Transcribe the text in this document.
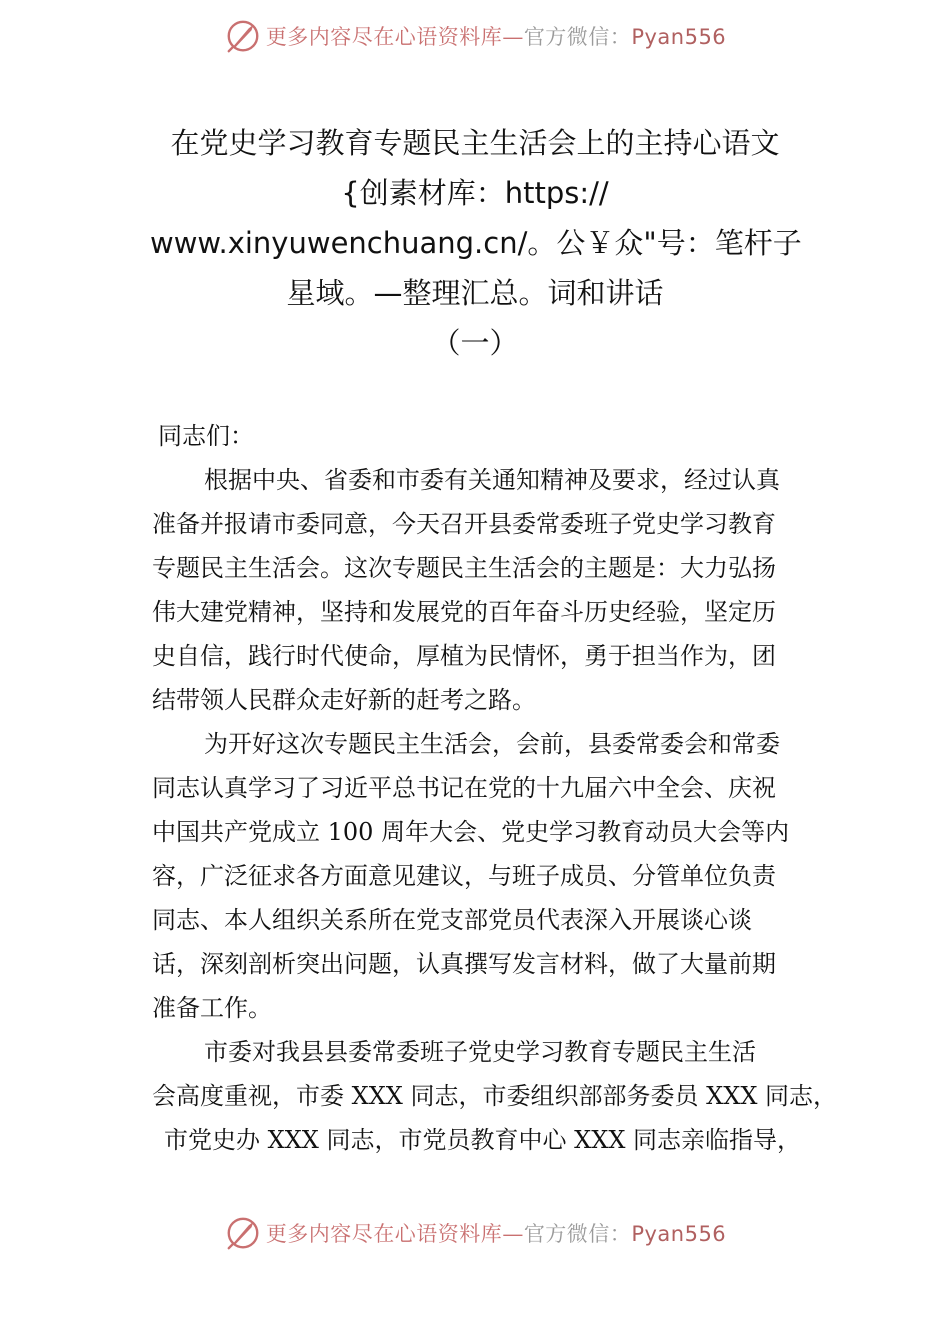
更多内容尽在心语资料库—官方微信：Pyan556
在党史学习教育专题民主生活会上的主持心语文
{创素材库：https://
www.xinyuwenchuang.cn/。公￥众"号：笔杆子
星域。—整理汇总。词和讲话
（一）

同志们：

根据中央、省委和市委有关通知精神及要求，经过认真
准备并报请市委同意，今天召开县委常委班子党史学习教育
专题民主生活会。这次专题民主生活会的主题是：大力弘扬
伟大建党精神，坚持和发展党的百年奋斗历史经验，坚定历
史自信，践行时代使命，厚植为民情怀，勇于担当作为，团
结带领人民群众走好新的赶考之路。

为开好这次专题民主生活会，会前，县委常委会和常委
同志认真学习了习近平总书记在党的十九届六中全会、庆祝
中国共产党成立 100 周年大会、党史学习教育动员大会等内
容，广泛征求各方面意见建议，与班子成员、分管单位负责
同志、本人组织关系所在党支部党员代表深入开展谈心谈
话，深刻剖析突出问题，认真撰写发言材料，做了大量前期
准备工作。

市委对我县县委常委班子党史学习教育专题民主生活
会高度重视，市委 XXX 同志，市委组织部部务委员 XXX 同志，
市党史办 XXX 同志，市党员教育中心 XXX 同志亲临指导，

更多内容尽在心语资料库—官方微信：Pyan556
